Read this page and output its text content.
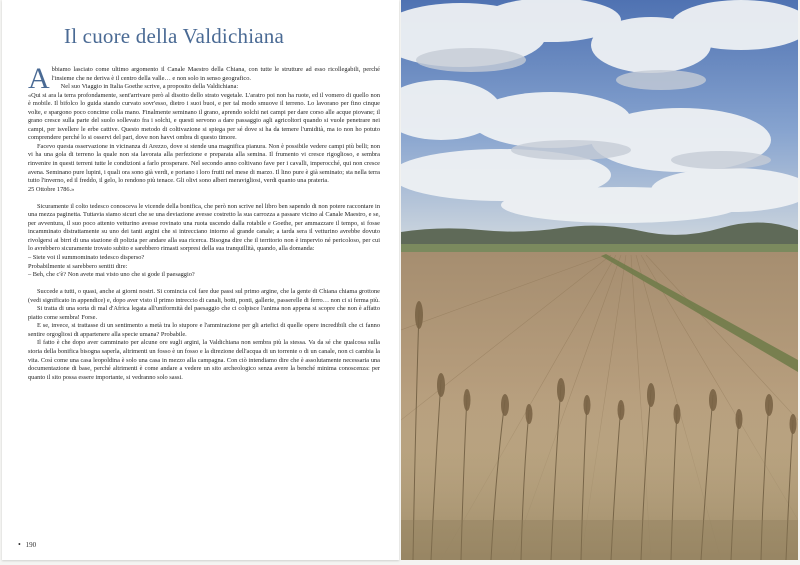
Il cuore della Valdichiana

Abbiamo lasciato come ultimo argomento il Canale Maestro della Chiana, con tutte le strutture ad esso ricollegabili, perché l'insieme che ne deriva è il centro della valle… e non solo in senso geografico.

Nel suo Viaggio in Italia Goethe scrive, a proposito della Valdichiana:

«Qui si ara la terra profondamente, sent'arrivare però al disotto dello strato vegetale. L'aratro poi non ha ruote, ed il vomero di quello non è mobile. Il bifolco lo guida stando curvato sovr'esso, dietro i suoi buoi, e per tal modo smuove il terreno. Lo lavorano per fino cinque volte, e spargono poco concime colla mano. Finalmente seminano il grano, aprendo solchi nei campi per dare corso alle acque piovane; il grano cresce sulla parte del suolo sollevato fra i solchi, e questi servono a dare passaggio agli agricoltori quando si vuole penetrare nei campi, per isvellere le erbe cattive. Questo metodo di coltivazione si spiega per sé dove si ha da temere l'umidità, ma io non ho potuto comprendere perché lo si osservi del pari, dove non havvi ombra di questo timore.

Facevo questa osservazione in vicinanza di Arezzo, dove si stende una magnifica pianura. Non è possibile vedere campi più belli; non vi ha una gola di terreno la quale non sia lavorata alla perfezione e preparata alla semina. Il frumento vi cresce rigoglioso, e sembra rinvenire in questi terreni tutte le condizioni a farlo prosperare. Nel secondo anno coltivano fave per i cavalli, imperocché, qui non cresce avena. Seminano pure lupini, i quali ora sono già verdi, e portano i loro frutti nel mese di marzo. Il lino pure è già seminato; sta nella terra tutto l'inverno, ed il freddo, il gelo, lo rendono più tenace. Gli olivi sono alberi meravigliosi, verdi quanto una prateria.

25 Ottobre 1786.»

Sicuramente il colto tedesco conosceva le vicende della bonifica, che però non scrive nel libro ben sapendo di non potere raccontare in una mezza paginetta. Tuttavia siamo sicuri che se una deviazione avesse costretto la sua carrozza a passare vicino al Canale Maestro, e se, per avventura, il suo poco attento vetturino avesse rovinato una ruota uscendo dalla rotabile e Goethe, per ammazzare il tempo, si fosse incamminato distrattamente su uno dei tanti argini che si intrecciano intorno al grande canale; a tarda sera il vetturino avrebbe dovuto rivolgersi ai birri di una stazione di polizia per andare alla sua ricerca. Bisogna dire che il territorio non è impervio né pericoloso, per cui lo avrebbero sicuramente trovato subito e sarebbero rimasti sorpresi della sua tranquillità, quando, alla domanda:

– Siete voi il summominato tedesco disperso?

Probabilmente si sarebbero sentiti dire:

– Beh, che c'è? Non avete mai visto uno che si gode il paesaggio?

Succede a tutti, o quasi, anche ai giorni nostri. Si comincia col fare due passi sul primo argine, che la gente di Chiana chiama grottone (vedi significato in appendice) e, dopo aver visto il primo intreccio di canali, botti, ponti, gallerie, passerelle di ferro… non ci si ferma più.

Si tratta di una sorta di mal d'Africa legata all'uniformità del paesaggio che ci colpisce l'anima non appena si scopre che non è affatto piatto come sembra! Forse.

E se, invece, si trattasse di un sentimento a metà tra lo stupore e l'ammirazione per gli artefici di quelle opere incredibili che ci fanno sentire orgogliosi di appartenere alla specie umana? Probabile.

Il fatto è che dopo aver camminato per alcune ore sugli argini, la Valdichiana non sembra più la stessa. Va da sé che qualcosa sulla storia della bonifica bisogna saperla, altrimenti un fosso è un fosso e la direzione dell'acqua di un torrente o di un canale, non ci cambia la vita. Così come una casa leopoldina è solo una casa in mezzo alla campagna. Con ciò intendiamo dire che è assolutamente necessaria una documentazione di base, perché altrimenti è come andare a vedere un sito archeologico senza avere la benché minima conoscenza: per quanto il sito possa essere importante, si vedranno solo sassi.

• 190
